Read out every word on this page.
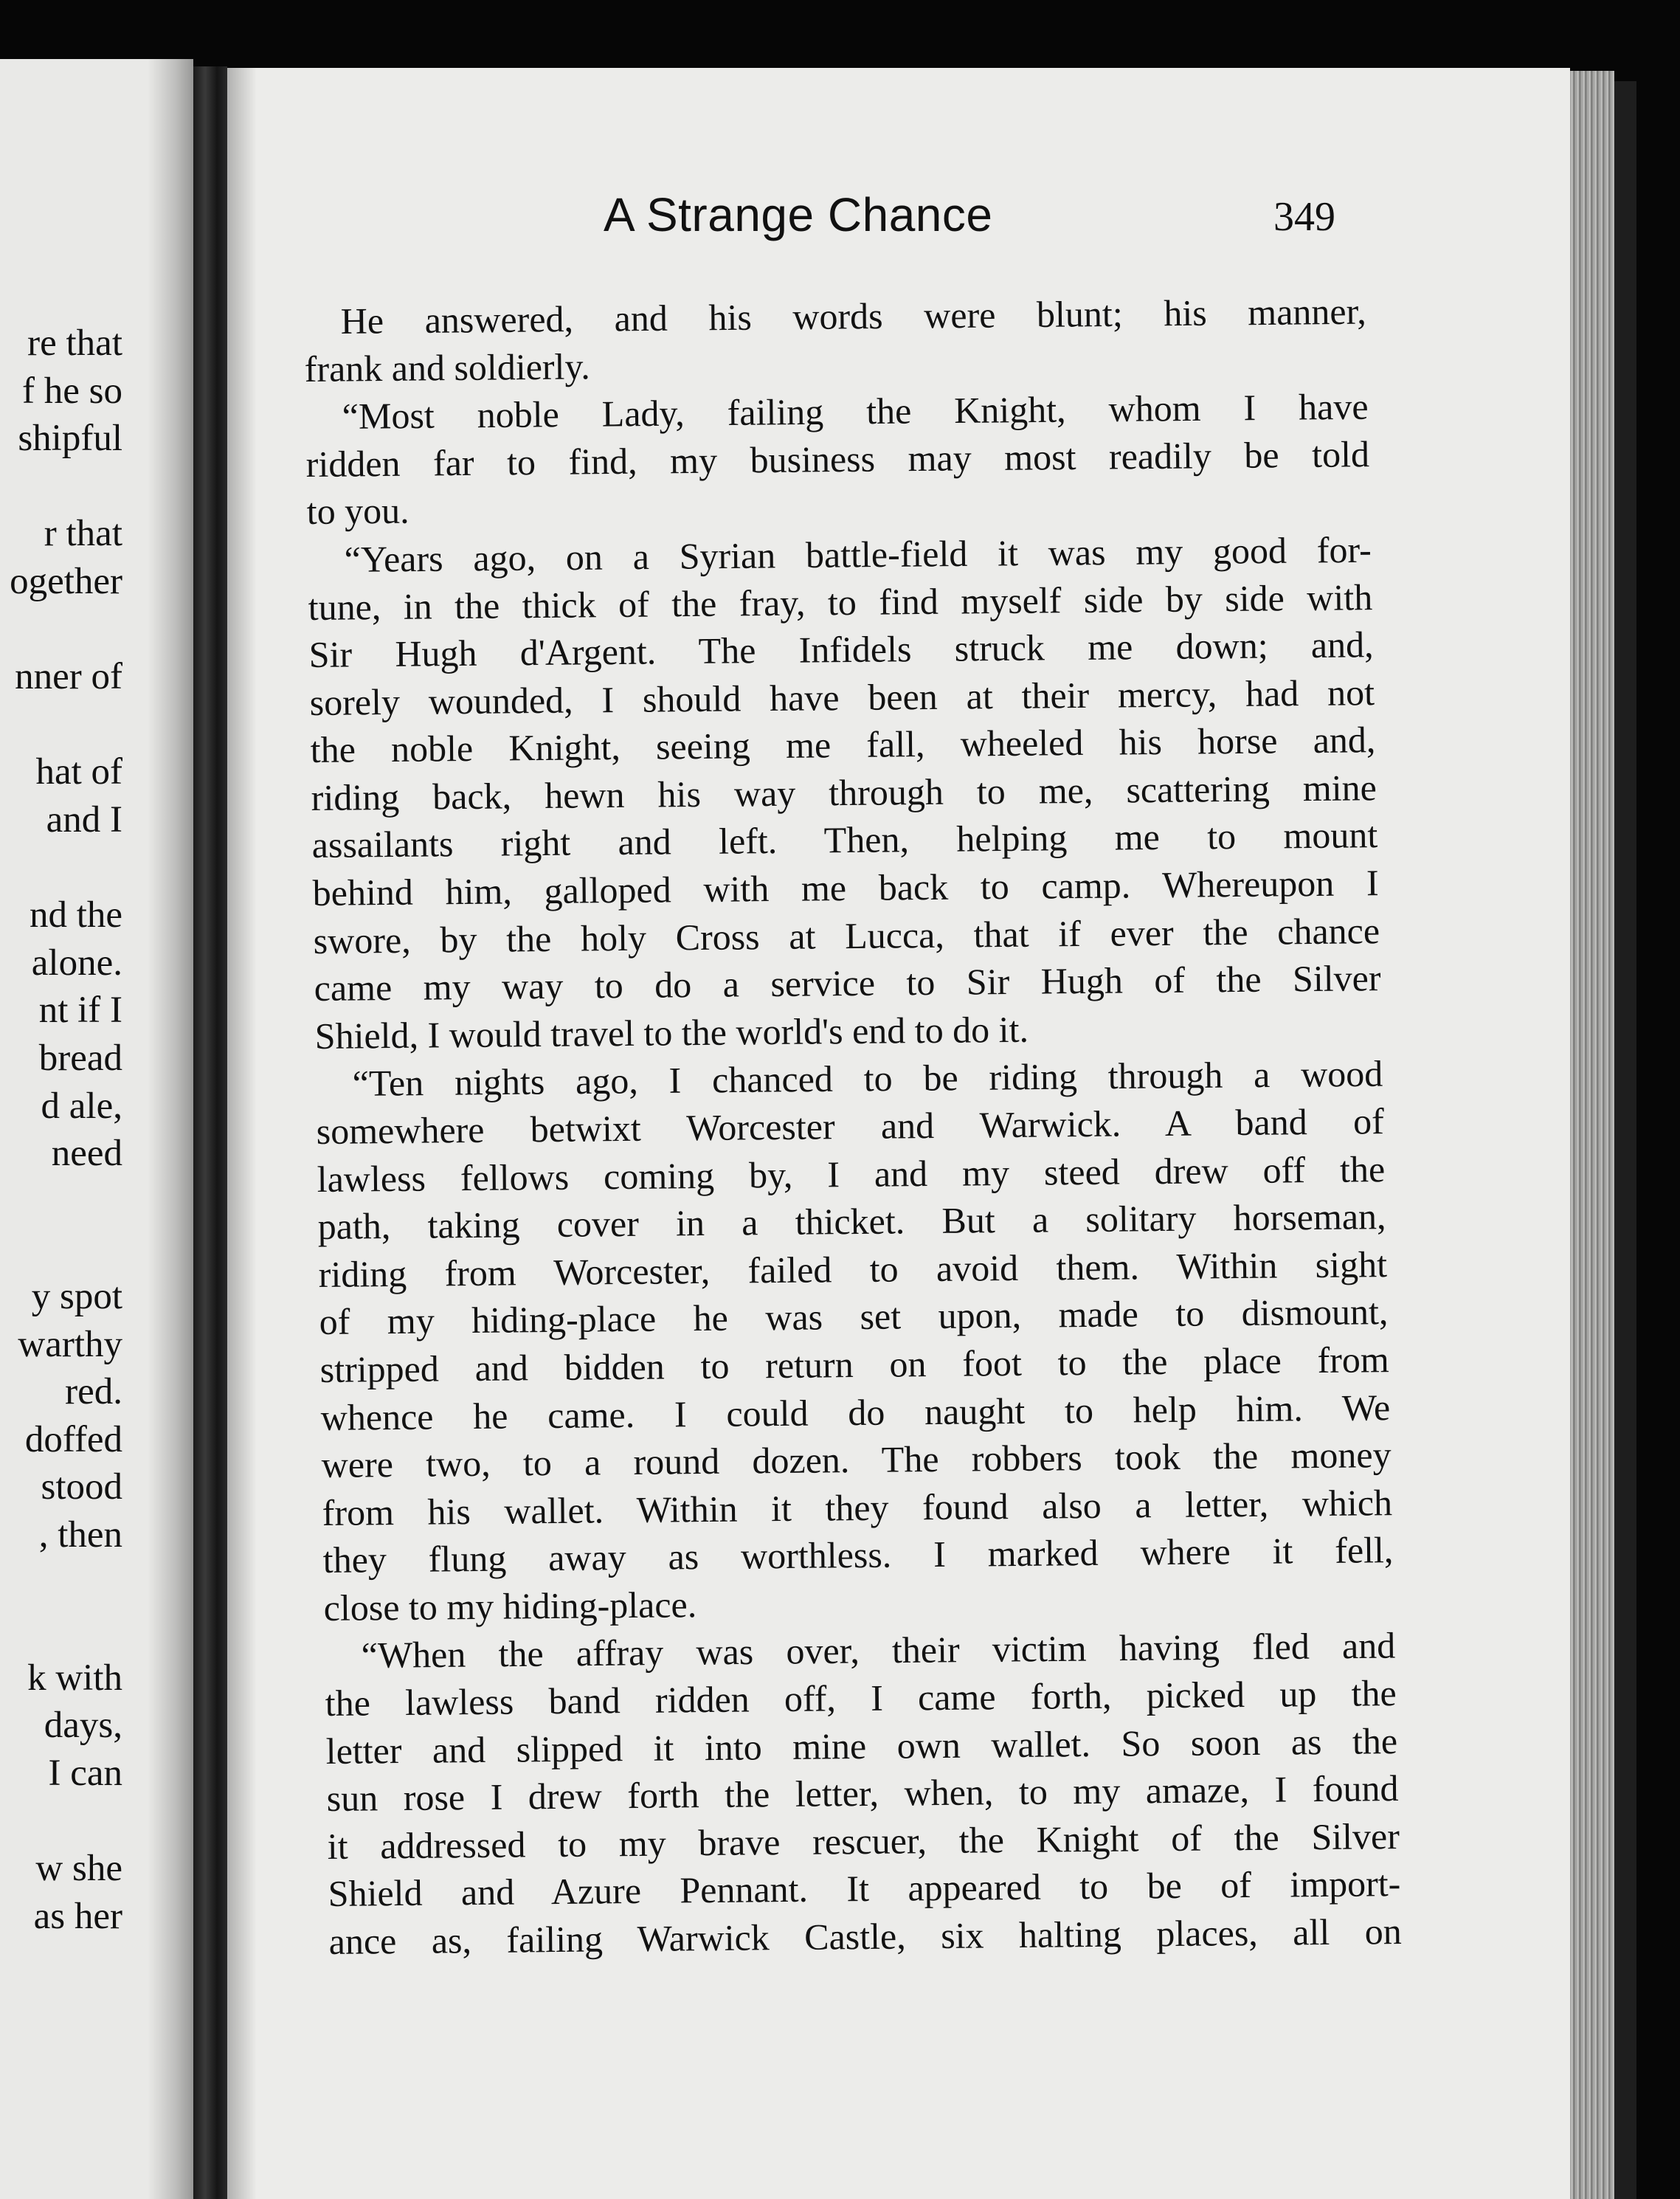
re that
f he so
shipful
r that
ogether
nner of
hat of
and I
nd the
alone.
nt if I
bread
d ale,
need
y spot
warthy
red.
doffed
stood
, then
k with
days,
I can
w she
as her
A Strange Chance	349
He answered, and his words were blunt; his manner,
frank and soldierly.
“Most noble Lady, failing the Knight, whom I have
ridden far to find, my business may most readily be told
to you.
“Years ago, on a Syrian battle-field it was my good for-
tune, in the thick of the fray, to find myself side by side with
Sir Hugh d'Argent. The Infidels struck me down; and,
sorely wounded, I should have been at their mercy, had not
the noble Knight, seeing me fall, wheeled his horse and,
riding back, hewn his way through to me, scattering mine
assailants right and left. Then, helping me to mount
behind him, galloped with me back to camp. Whereupon I
swore, by the holy Cross at Lucca, that if ever the chance
came my way to do a service to Sir Hugh of the Silver
Shield, I would travel to the world's end to do it.
“Ten nights ago, I chanced to be riding through a wood
somewhere betwixt Worcester and Warwick. A band of
lawless fellows coming by, I and my steed drew off the
path, taking cover in a thicket. But a solitary horseman,
riding from Worcester, failed to avoid them. Within sight
of my hiding-place he was set upon, made to dismount,
stripped and bidden to return on foot to the place from
whence he came. I could do naught to help him. We
were two, to a round dozen. The robbers took the money
from his wallet. Within it they found also a letter, which
they flung away as worthless. I marked where it fell,
close to my hiding-place.
“When the affray was over, their victim having fled and
the lawless band ridden off, I came forth, picked up the
letter and slipped it into mine own wallet. So soon as the
sun rose I drew forth the letter, when, to my amaze, I found
it addressed to my brave rescuer, the Knight of the Silver
Shield and Azure Pennant. It appeared to be of import-
ance as, failing Warwick Castle, six halting places, all on
